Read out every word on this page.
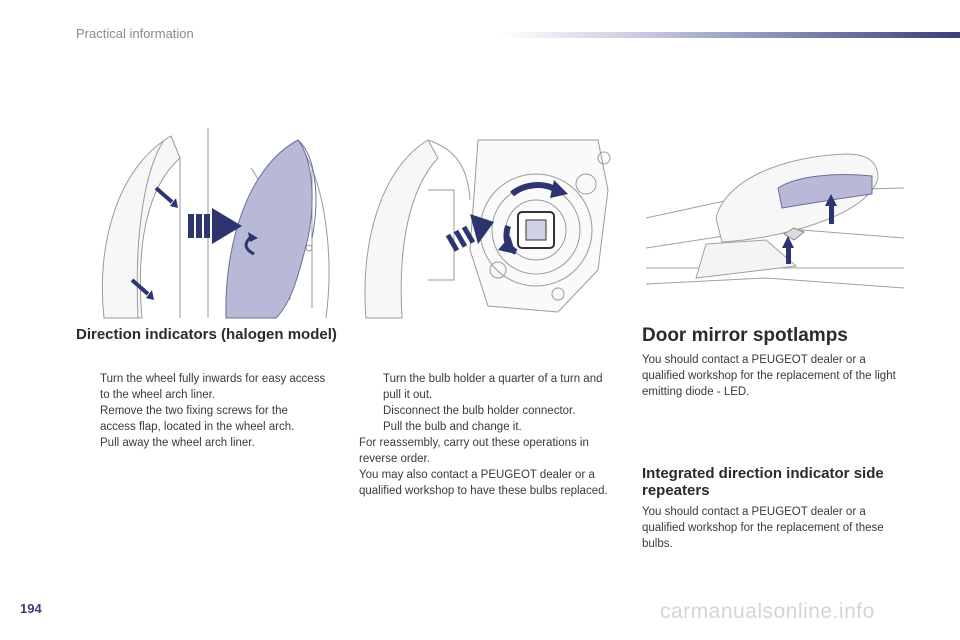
Practical information
Direction indicators (halogen model)
Turn the wheel fully inwards for easy access to the wheel arch liner.
Remove the two fixing screws for the access flap, located in the wheel arch.
Pull away the wheel arch liner.
Turn the bulb holder a quarter of a turn and pull it out.
Disconnect the bulb holder connector.
Pull the bulb and change it.

For reassembly, carry out these operations in reverse order.

You may also contact a PEUGEOT dealer or a qualified workshop to have these bulbs replaced.

Door mirror spotlamps

You should contact a PEUGEOT dealer or a qualified workshop for the replacement of the light emitting diode - LED.

Integrated direction indicator side repeaters

You should contact a PEUGEOT dealer or a qualified workshop for the replacement of these bulbs.

194	carmanualsonline.info
